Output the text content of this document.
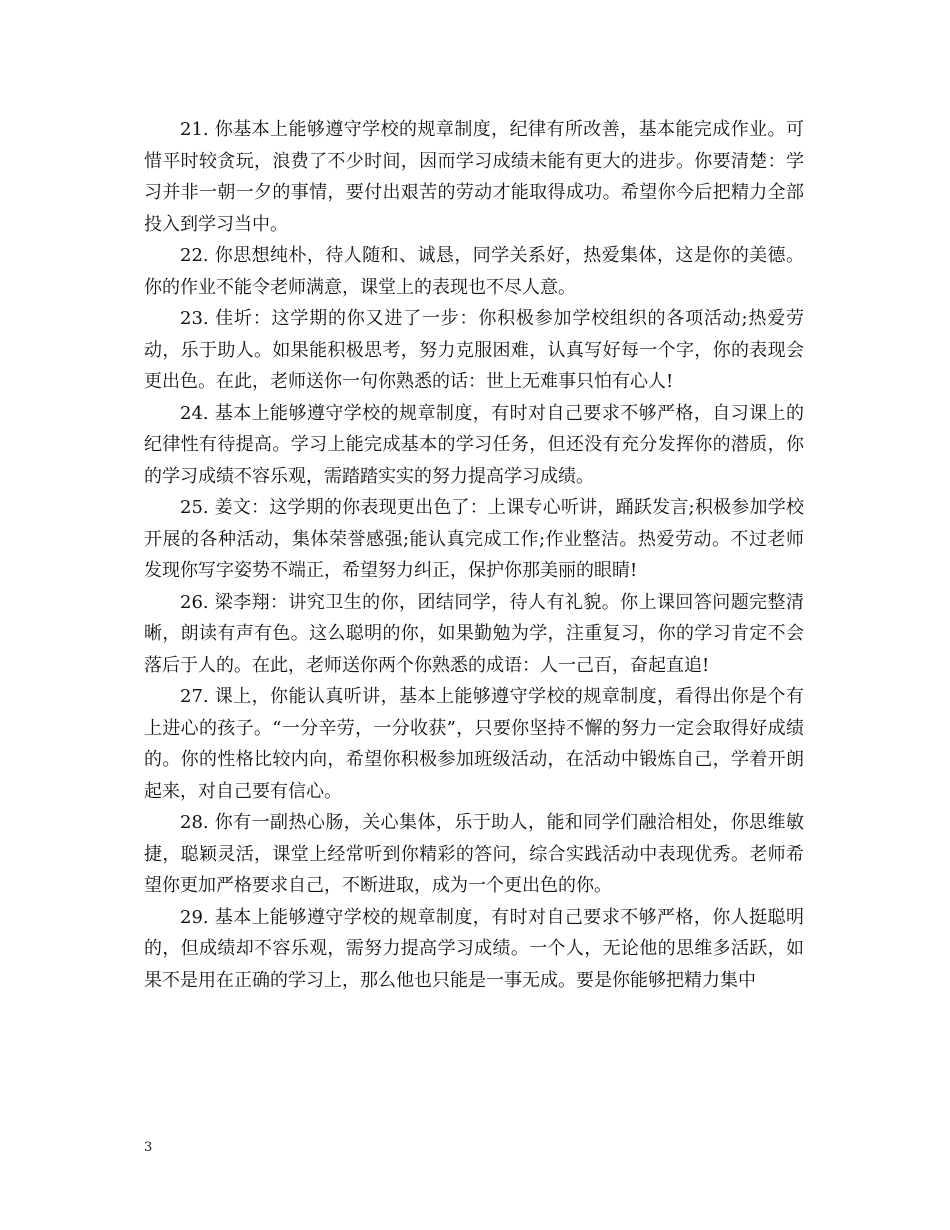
21. 你基本上能够遵守学校的规章制度，纪律有所改善，基本能完成作业。可惜平时较贪玩，浪费了不少时间，因而学习成绩未能有更大的进步。你要清楚：学习并非一朝一夕的事情，要付出艰苦的劳动才能取得成功。希望你今后把精力全部投入到学习当中。

22. 你思想纯朴，待人随和、诚恳，同学关系好，热爱集体，这是你的美德。你的作业不能令老师满意，课堂上的表现也不尽人意。

23. 佳圻：这学期的你又进了一步：你积极参加学校组织的各项活动;热爱劳动，乐于助人。如果能积极思考，努力克服困难，认真写好每一个字，你的表现会更出色。在此，老师送你一句你熟悉的话：世上无难事只怕有心人!

24. 基本上能够遵守学校的规章制度，有时对自己要求不够严格，自习课上的纪律性有待提高。学习上能完成基本的学习任务，但还没有充分发挥你的潜质，你的学习成绩不容乐观，需踏踏实实的努力提高学习成绩。

25. 姜文：这学期的你表现更出色了：上课专心听讲，踊跃发言;积极参加学校开展的各种活动，集体荣誉感强;能认真完成工作;作业整洁。热爱劳动。不过老师发现你写字姿势不端正，希望努力纠正，保护你那美丽的眼睛!

26. 梁李翔：讲究卫生的你，团结同学，待人有礼貌。你上课回答问题完整清晰，朗读有声有色。这么聪明的你，如果勤勉为学，注重复习，你的学习肯定不会落后于人的。在此，老师送你两个你熟悉的成语：人一己百，奋起直追!

27. 课上，你能认真听讲，基本上能够遵守学校的规章制度，看得出你是个有上进心的孩子。“一分辛劳，一分收获”，只要你坚持不懈的努力一定会取得好成绩的。你的性格比较内向，希望你积极参加班级活动，在活动中锻炼自己，学着开朗起来，对自己要有信心。

28. 你有一副热心肠，关心集体，乐于助人，能和同学们融洽相处，你思维敏捷，聪颖灵活，课堂上经常听到你精彩的答问，综合实践活动中表现优秀。老师希望你更加严格要求自己，不断进取，成为一个更出色的你。

29. 基本上能够遵守学校的规章制度，有时对自己要求不够严格，你人挺聪明的，但成绩却不容乐观，需努力提高学习成绩。一个人，无论他的思维多活跃，如果不是用在正确的学习上，那么他也只能是一事无成。要是你能够把精力集中

3
